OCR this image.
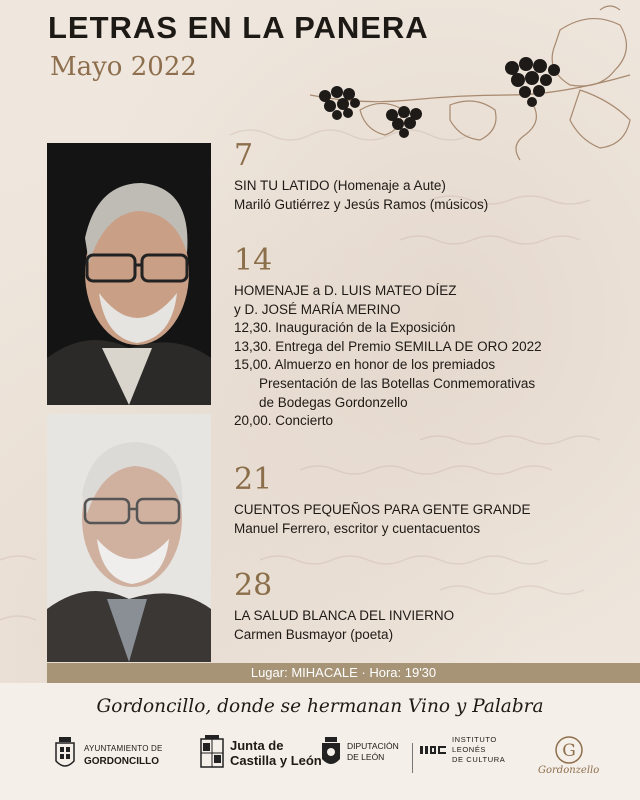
LETRAS EN LA PANERA
Mayo 2022
7
SIN TU LATIDO (Homenaje a Aute)
Mariló Gutiérrez y Jesús Ramos (músicos)
14
HOMENAJE a D. LUIS MATEO DÍEZ
y D. JOSÉ MARÍA MERINO
12,30. Inauguración de la Exposición
13,30. Entrega del Premio SEMILLA DE ORO 2022
15,00. Almuerzo en honor de los premiados
Presentación de las Botellas Conmemorativas
de Bodegas Gordonzello
20,00. Concierto
21
CUENTOS PEQUEÑOS PARA GENTE GRANDE
Manuel Ferrero, escritor y cuentacuentos
28
LA SALUD BLANCA DEL INVIERNO
Carmen Busmayor (poeta)
Lugar: MIHACALE · Hora: 19'30
Gordoncillo, donde se hermanan Vino y Palabra
AYUNTAMIENTO DE
GORDONCILLO
Junta de
Castilla y León
DIPUTACIÓN
DE LEÓN
INSTITUTO
LEONÉS
DE CULTURA	G
Gordonzello
